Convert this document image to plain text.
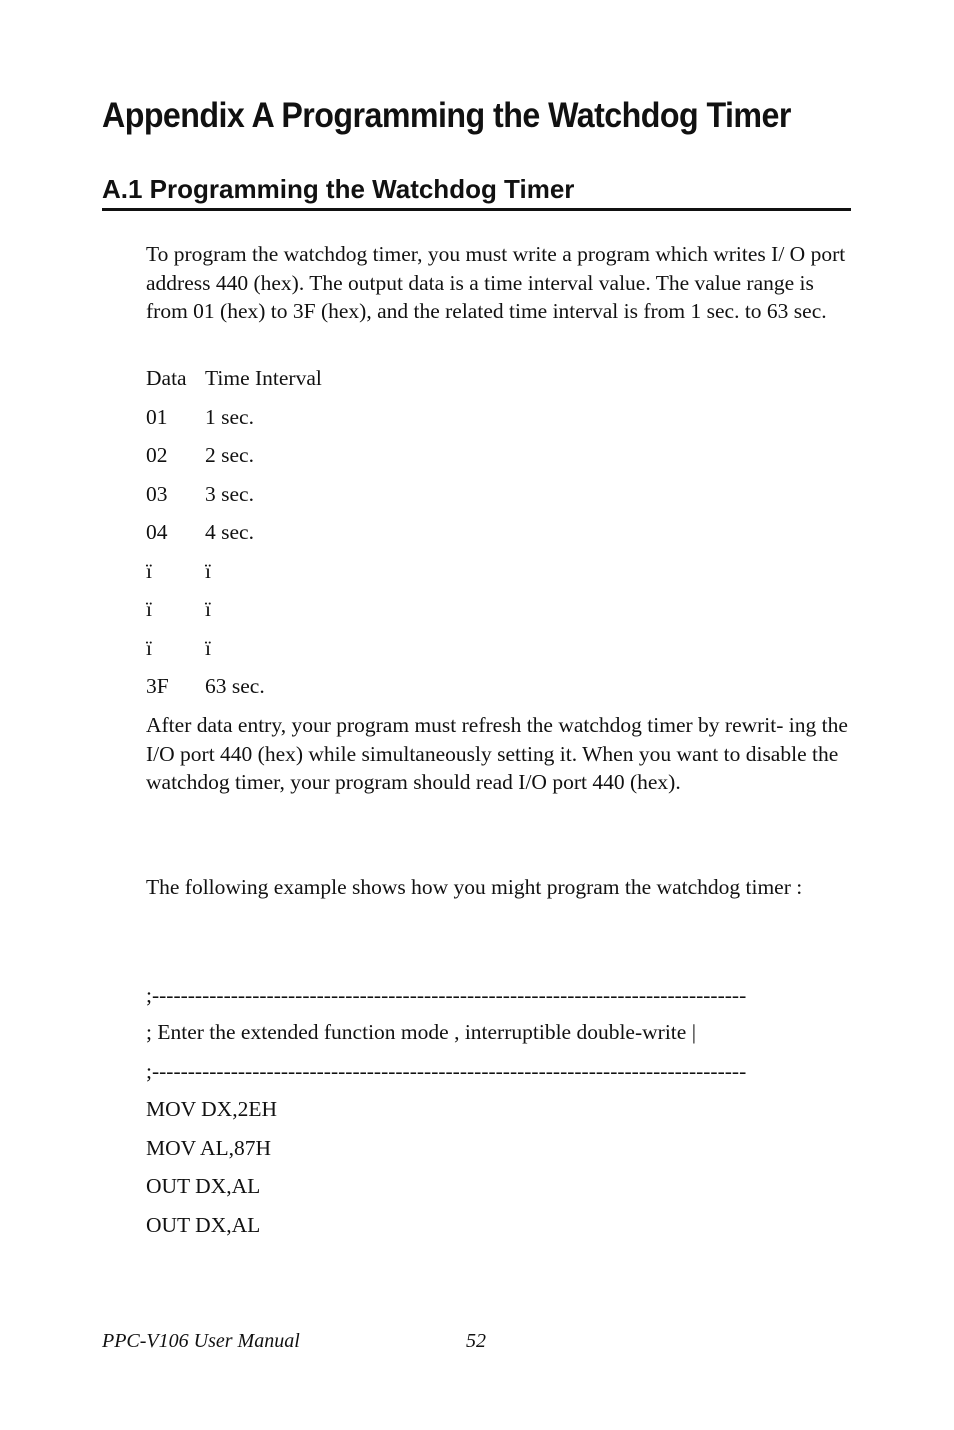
Appendix A Programming the Watchdog Timer
A.1 Programming the Watchdog Timer

To program the watchdog timer, you must write a program which writes I/ O port address 440 (hex). The output data is a time interval value. The value range is from 01 (hex) to 3F (hex), and the related time interval is from 1 sec. to 63 sec.

Data Time Interval
01 1 sec.
02 2 sec.
03 3 sec.
04 4 sec.
ï ï
ï ï
ï ï
3F 63 sec.

After data entry, your program must refresh the watchdog timer by rewrit- ing the I/O port 440 (hex) while simultaneously setting it. When you want to disable the watchdog timer, your program should read I/O port 440 (hex).

The following example shows how you might program the watchdog timer :

;-----------------------------------------------------------------------------------
; Enter the extended function mode , interruptible double-write |
;-----------------------------------------------------------------------------------
MOV DX,2EH
MOV AL,87H
OUT DX,AL
OUT DX,AL
PPC-V106 User Manual	52
